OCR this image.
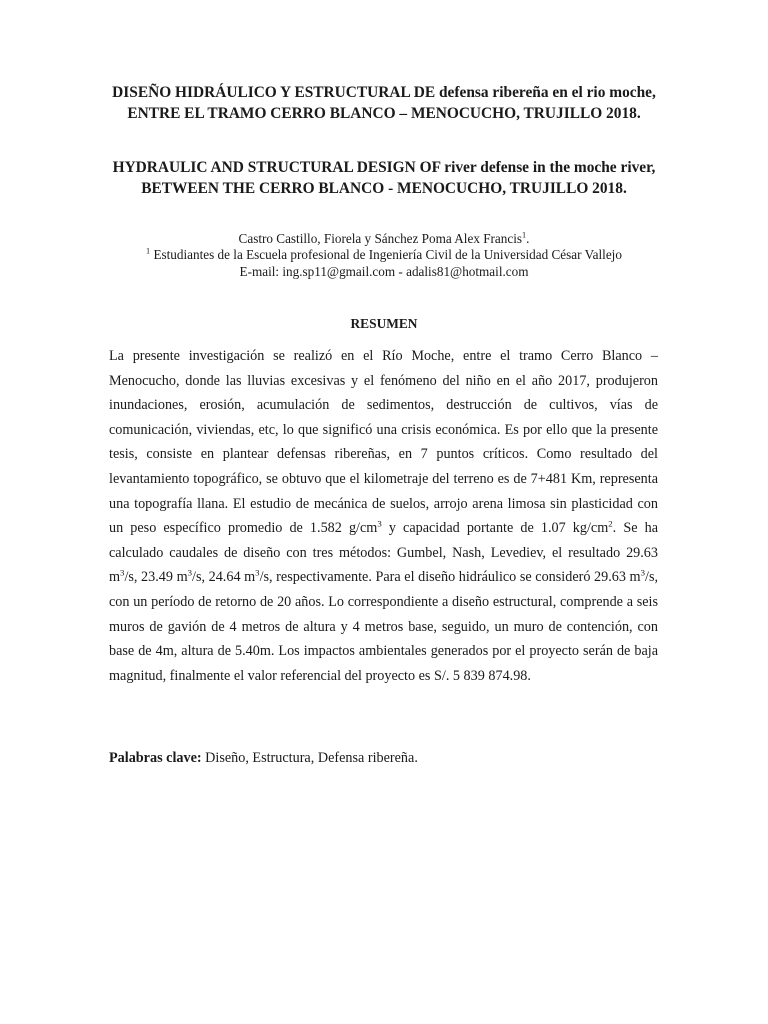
DISEÑO HIDRÁULICO Y ESTRUCTURAL DE defensa ribereña en el rio moche, ENTRE EL TRAMO CERRO BLANCO – MENOCUCHO, TRUJILLO 2018.

HYDRAULIC AND STRUCTURAL DESIGN OF river defense in the moche river, BETWEEN THE CERRO BLANCO - MENOCUCHO, TRUJILLO 2018.

Castro Castillo, Fiorela y Sánchez Poma Alex Francis$^1$.
$^1$ Estudiantes de la Escuela profesional de Ingeniería Civil de la Universidad César Vallejo
E-mail: ing.sp11@gmail.com - adalis81@hotmail.com

RESUMEN

La presente investigación se realizó en el Río Moche, entre el tramo Cerro Blanco – Menocucho, donde las lluvias excesivas y el fenómeno del niño en el año 2017, produjeron inundaciones, erosión, acumulación de sedimentos, destrucción de cultivos, vías de comunicación, viviendas, etc, lo que significó una crisis económica. Es por ello que la presente tesis, consiste en plantear defensas ribereñas, en 7 puntos críticos. Como resultado del levantamiento topográfico, se obtuvo que el kilometraje del terreno es de 7+481 Km, representa una topografía llana. El estudio de mecánica de suelos, arrojo arena limosa sin plasticidad con un peso específico promedio de 1.582 $g/cm^3$ y capacidad portante de 1.07 $kg/cm^2$. Se ha calculado caudales de diseño con tres métodos: Gumbel, Nash, Levediev, el resultado 29.63 $m^3/s$, 23.49 $m^3/s$, 24.64 $m^3/s$, respectivamente. Para el diseño hidráulico se consideró 29.63 $m^3/s$, con un período de retorno de 20 años. Lo correspondiente a diseño estructural, comprende a seis muros de gavión de 4 metros de altura y 4 metros base, seguido, un muro de contención, con base de 4m, altura de 5.40m. Los impactos ambientales generados por el proyecto serán de baja magnitud, finalmente el valor referencial del proyecto es S/. 5 839 874.98.

Palabras clave: Diseño, Estructura, Defensa ribereña.
